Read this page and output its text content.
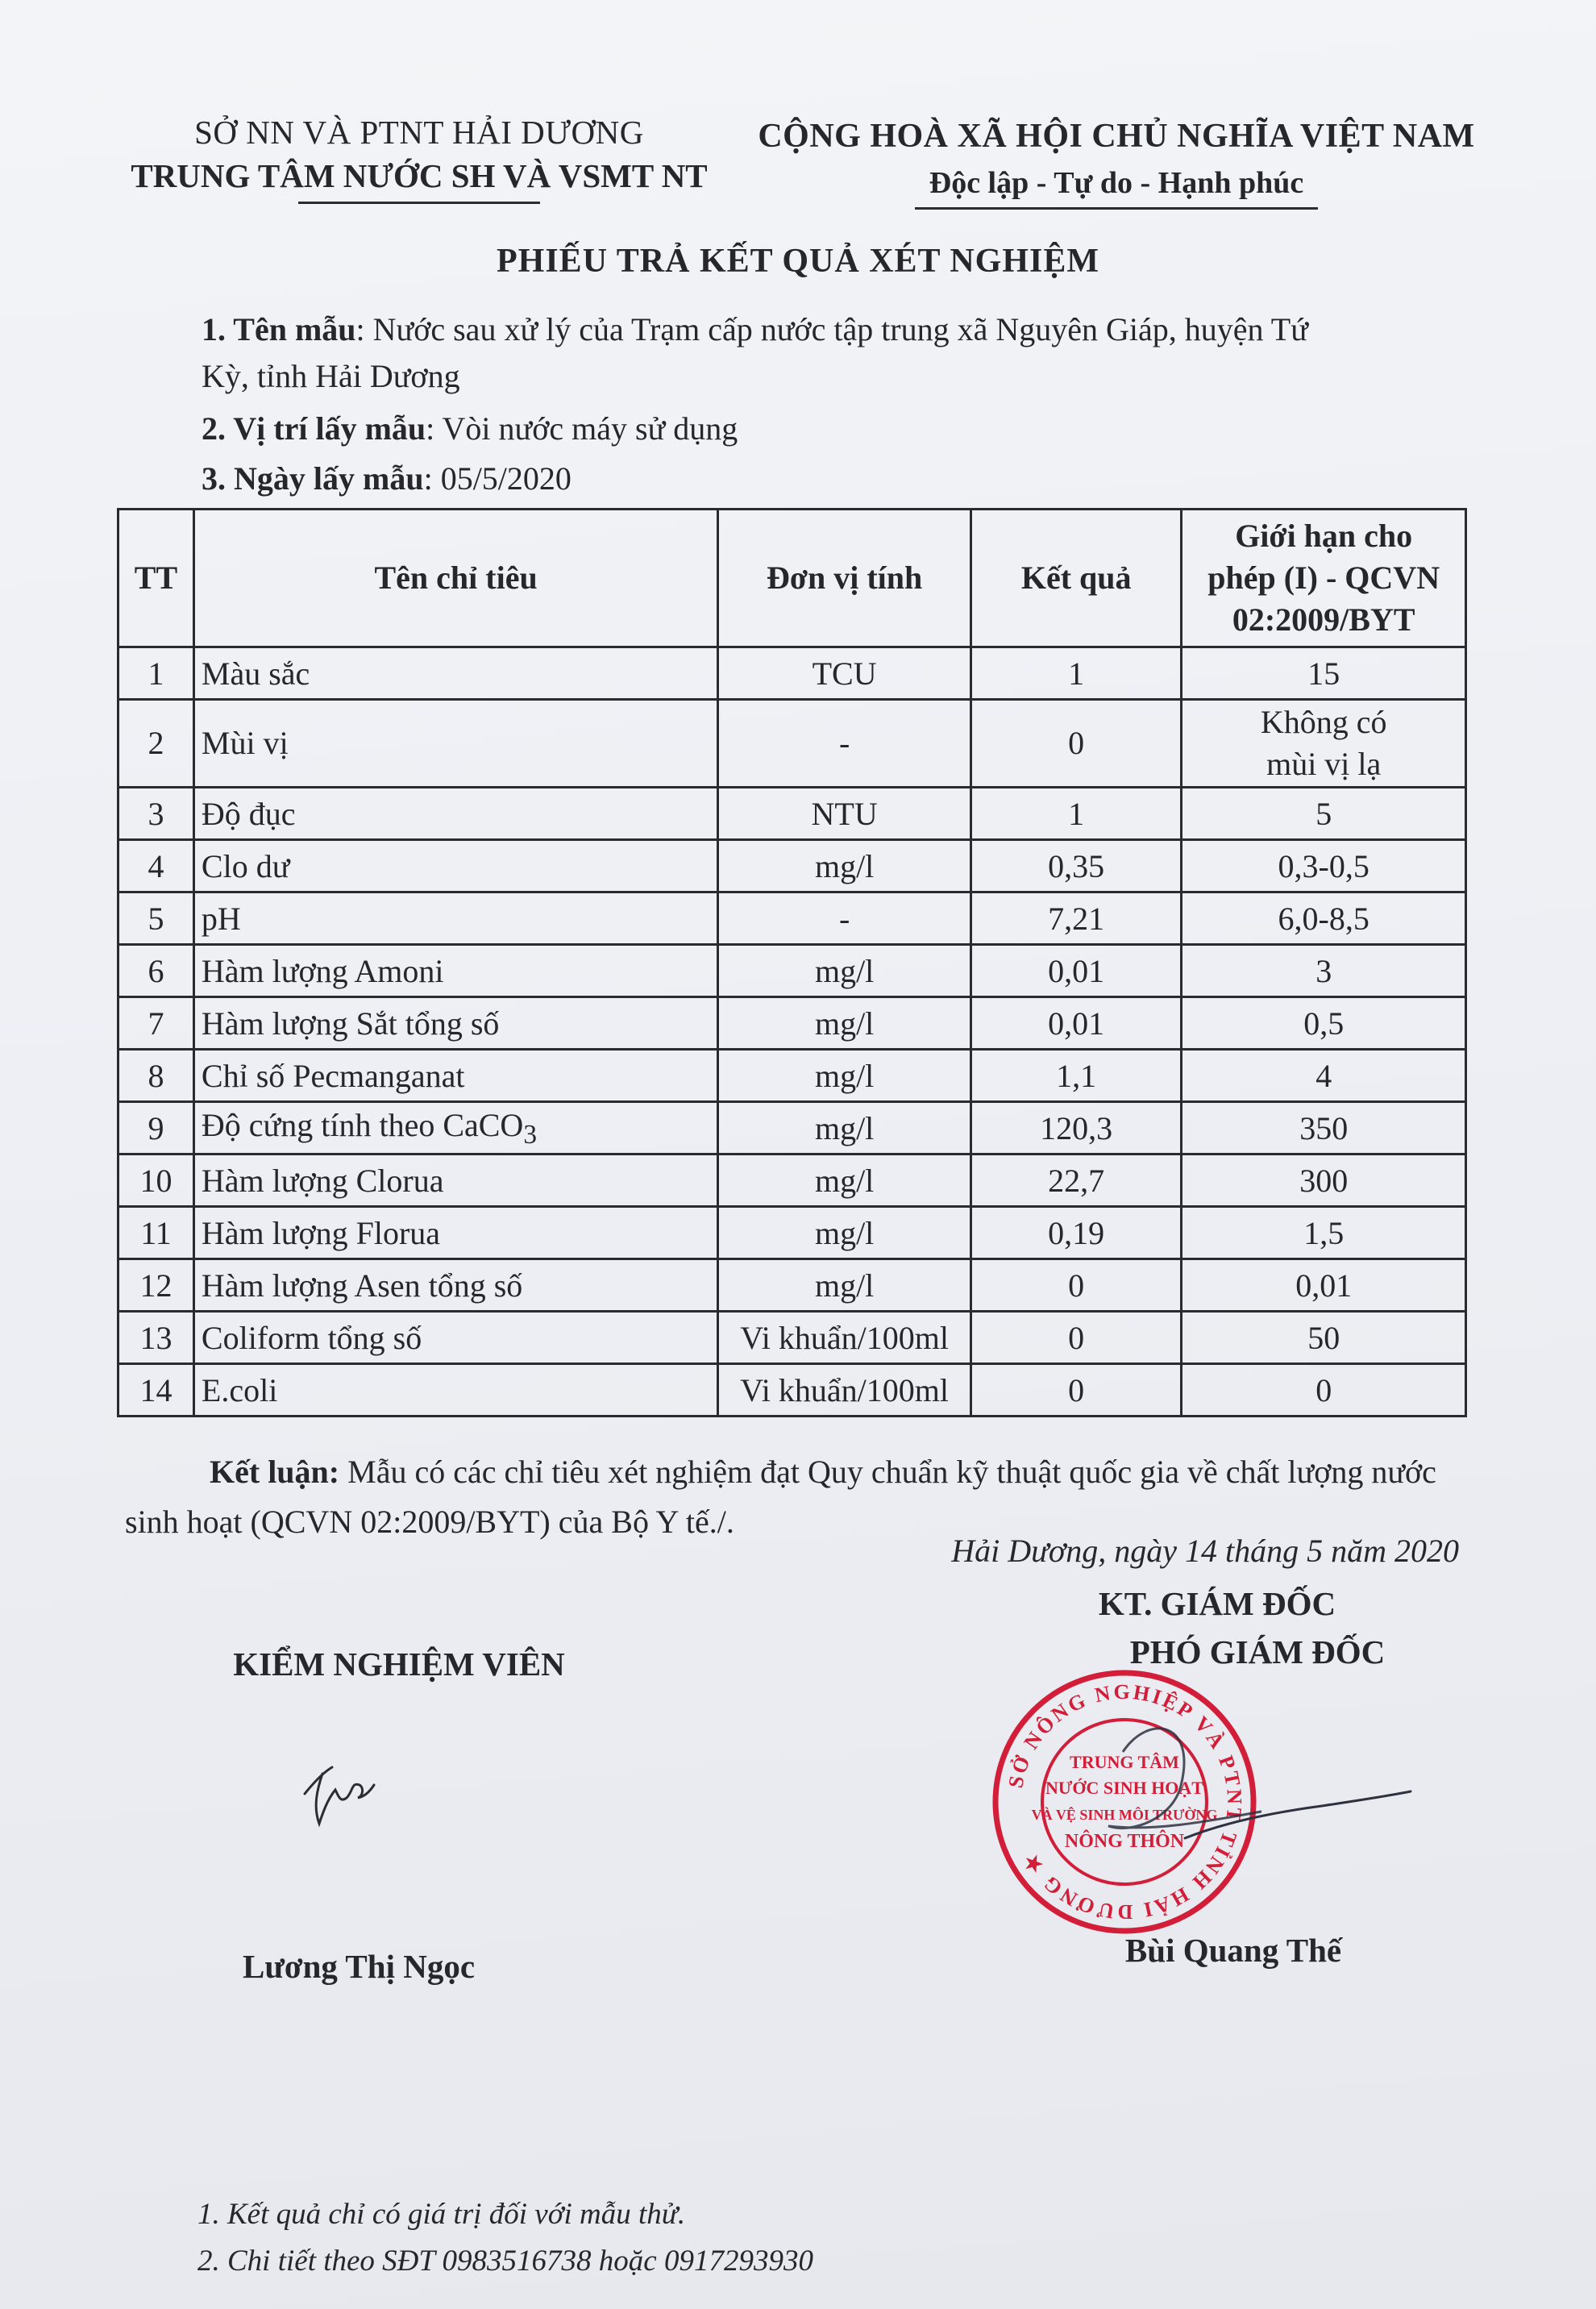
SỞ NN VÀ PTNT HẢI DƯƠNG
TRUNG TÂM NƯỚC SH VÀ VSMT NT
CỘNG HOÀ XÃ HỘI CHỦ NGHĨA VIỆT NAM
Độc lập - Tự do - Hạnh phúc
PHIẾU TRẢ KẾT QUẢ XÉT NGHIỆM
1. Tên mẫu: Nước sau xử lý của Trạm cấp nước tập trung xã Nguyên Giáp, huyện Tứ
Kỳ, tỉnh Hải Dương
2. Vị trí lấy mẫu: Vòi nước máy sử dụng
3. Ngày lấy mẫu: 05/5/2020
TT	Tên chỉ tiêu	Đơn vị tính	Kết quả	Giới hạn cho
phép (I) - QCVN
02:2009/BYT

1	Màu sắc	TCU	1	15
2	Mùi vị	-	0	Không có
mùi vị lạ

3	Độ đục	NTU	1	5
4	Clo dư	mg/l	0,35	0,3-0,5
5	pH	-	7,21	6,0-8,5
6	Hàm lượng Amoni	mg/l	0,01	3
7	Hàm lượng Sắt tổng số	mg/l	0,01	0,5
8	Chỉ số Pecmanganat	mg/l	1,1	4
9	Độ cứng tính theo CaCO$_3$	mg/l	120,3	350
10	Hàm lượng Clorua	mg/l	22,7	300
11	Hàm lượng Florua	mg/l	0,19	1,5
12	Hàm lượng Asen tổng số	mg/l	0	0,01
13	Coliform tổng số	Vi khuẩn/100ml	0	50
14	E.coli	Vi khuẩn/100ml	0	0
Kết luận: Mẫu có các chỉ tiêu xét nghiệm đạt Quy chuẩn kỹ thuật quốc gia về chất lượng nước sinh hoạt (QCVN 02:2009/BYT) của Bộ Y tế./.
Hải Dương, ngày 14 tháng 5 năm 2020
KT. GIÁM ĐỐC
PHÓ GIÁM ĐỐC
KIỂM NGHIỆM VIÊN
SỞ NÔNG NGHIỆP VÀ PTNT TỈNH HẢI DƯƠNG ★
TRUNG TÂM
NƯỚC SINH HOẠT
VÀ VỆ SINH MÔI TRƯỜNG
NÔNG THÔN
Bùi Quang Thế
Lương Thị Ngọc
1. Kết quả chỉ có giá trị đối với mẫu thử.
2. Chi tiết theo SĐT 0983516738 hoặc 0917293930
